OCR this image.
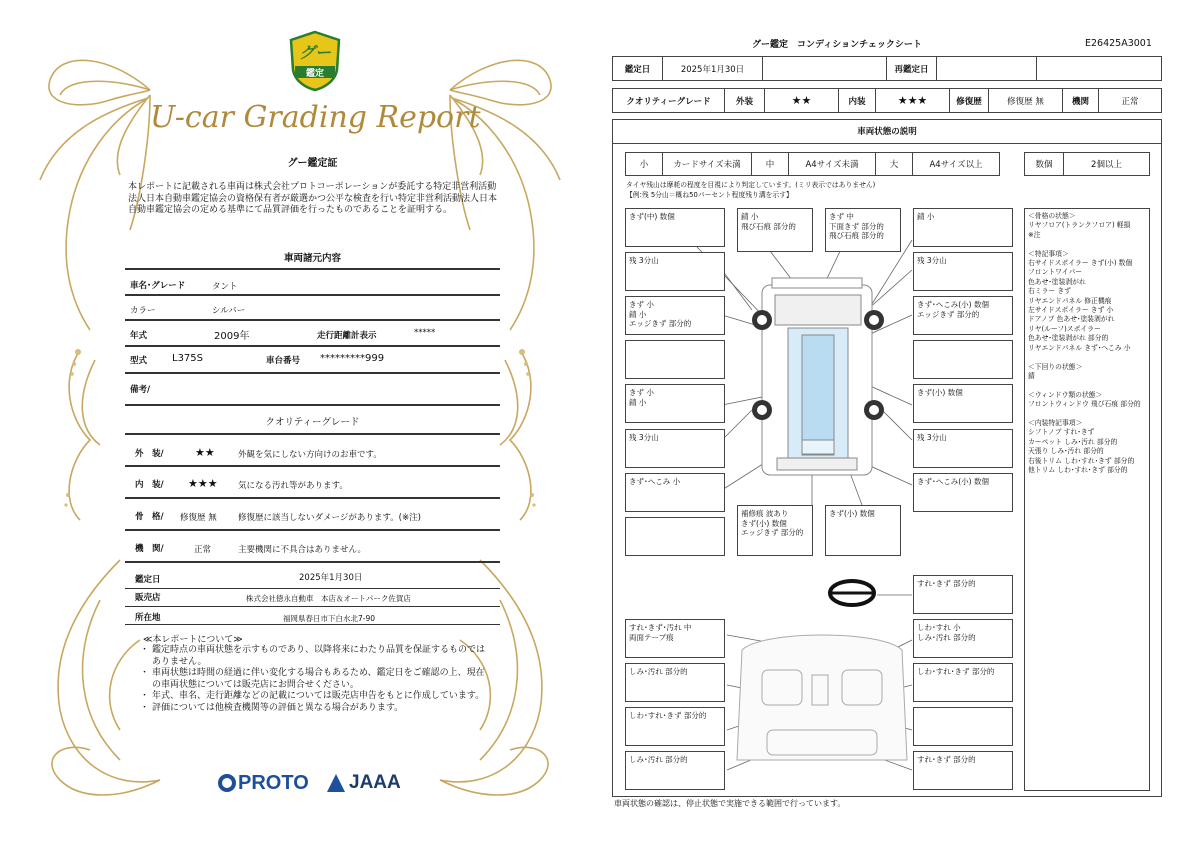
グー
鑑定
U-car Grading Report
グー鑑定証
本レポートに記載される車両は株式会社プロトコーポレーションが委託する特定非営利活動法人日本自動車鑑定協会の資格保有者が厳選かつ公平な検査を行い特定非営利活動法人日本自動車鑑定協会の定める基準にて品質評価を行ったものであることを証明する。
車両諸元内容
車名･グレード	タント
カラー	シルバー
年式	2009年	走行距離計表示	*****
型式 L375S	車台番号 *********999
備考/
クオリティーグレード
外　装/	★★	外観を気にしない方向けのお車です。
内　装/ ★★★ 気になる汚れ等があります。
骨　格/ 修復歴 無	修復歴に該当しないダメージがあります。(※注)
機　関/	正常	主要機関に不具合はありません。
鑑定日	2025年1月30日
販売店	株式会社徳永自動車　本店＆オートパーク佐賀店
所在地	福岡県春日市下白水北7-90
≪本レポートについて≫
・ 鑑定時点の車両状態を示すものであり、以降将来にわたり品質を保証するものではありません。
・ 車両状態は時間の経過に伴い変化する場合もあるため、鑑定日をご確認の上、現在の車両状態については販売店にお問合せください。
・ 年式、車名、走行距離などの記載については販売店申告をもとに作成しています。
・ 評価については他検査機関等の評価と異なる場合があります。
PROTO JAAA
グー鑑定　コンディションチェックシート	E26425A3001
鑑定日	2025年1月30日	再鑑定日
クオリティーグレード	外装	★★	内装	★★★	修復歴	修復歴 無	機関	正常
車両状態の説明
小	カードサイズ未満	中	A4サイズ未満	大	A4サイズ以上	数個	2個以上
タイヤ残山は摩耗の程度を目視により判定しています。(ミリ表示ではありません)
【例:残 5分山＝概ね50パーセント程度残り溝を示す】
きず(中) 数個	錆 小
飛び石痕 部分的
きず 中
下面きず 部分的
飛び石痕 部分的
錆 小
残 3分山	残 3分山
きず 小
錆 小
エッジきず 部分的
きず･へこみ(小) 数個
エッジきず 部分的
きず 小
錆 小
きず(小) 数個
残 3分山	残 3分山
きず･へこみ 小	きず･へこみ(小) 数個
補修痕 波あり
きず(小) 数個
エッジきず 部分的
きず(小) 数個
すれ･きず 部分的
すれ･きず･汚れ 中
両面テープ痕
しわ･すれ 小
しみ･汚れ 部分的
しみ･汚れ 部分的	しわ･すれ･きず 部分的
しわ･すれ･きず 部分的
しみ･汚れ 部分的	すれ･きず 部分的
＜骨格の状態＞
リヤフロア(トランクフロア) 軽損
※注

＜特記事項＞
右サイドスポイラー きず(小) 数個
フロントワイパー
色あせ･塗装剥がれ
右ミラー きず
リヤエンドパネル 修正機痕
左サイドスポイラー きず 小
ドアノブ 色あせ･塗装剥がれ
リヤ(ルーフ)スポイラー
色あせ･塗装剥がれ 部分的
リヤエンドパネル きず･へこみ 小

＜下回りの状態＞
錆

＜ウィンドウ類の状態＞
フロントウィンドウ 飛び石痕 部分的

＜内装特記事項＞
シフトノブ すれ･きず
カーペット しみ･汚れ 部分的
天張り しみ･汚れ 部分的
右後トリム しわ･すれ･きず 部分的
他トリム しわ･すれ･きず 部分的
車両状態の確認は、停止状態で実施できる範囲で行っています。
